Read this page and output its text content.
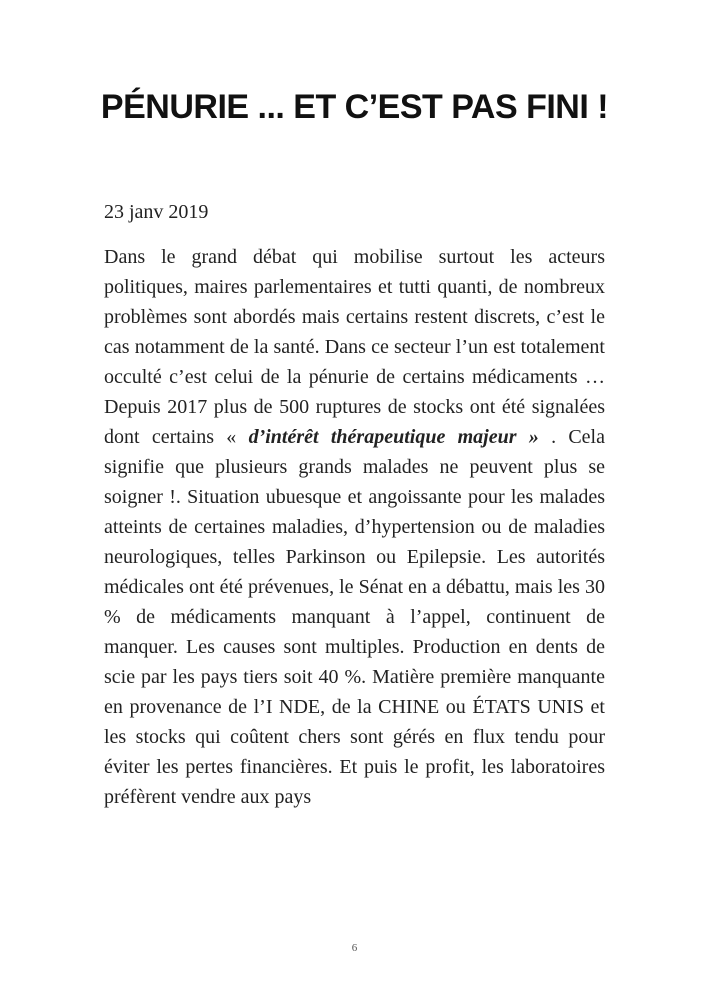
PÉNURIE ... ET C’EST PAS FINI !

23 janv 2019

Dans le grand débat qui mobilise surtout les acteurs politiques, maires parlementaires et tutti quanti, de nombreux problèmes sont abordés mais certains restent discrets, c’est le cas notamment de la santé. Dans ce secteur l’un est totalement occulté c’est celui de la pénurie de certains médicaments … Depuis 2017 plus de 500 ruptures de stocks ont été signalées dont certains « d’intérêt thérapeutique majeur » . Cela signifie que plusieurs grands malades ne peuvent plus se soigner !. Situation ubuesque et angoissante pour les malades atteints de certaines maladies, d’hypertension ou de maladies neurologiques, telles Parkinson ou Epilepsie. Les autorités médicales ont été prévenues, le Sénat en a débattu, mais les 30 % de médicaments manquant à l’appel, continuent de manquer. Les causes sont multiples. Production en dents de scie par les pays tiers soit 40 %. Matière première manquante en provenance de l’I NDE, de la CHINE ou ÉTATS UNIS et les stocks qui coûtent chers sont gérés en flux tendu pour éviter les pertes financières. Et puis le profit, les laboratoires préfèrent vendre aux pays

6
